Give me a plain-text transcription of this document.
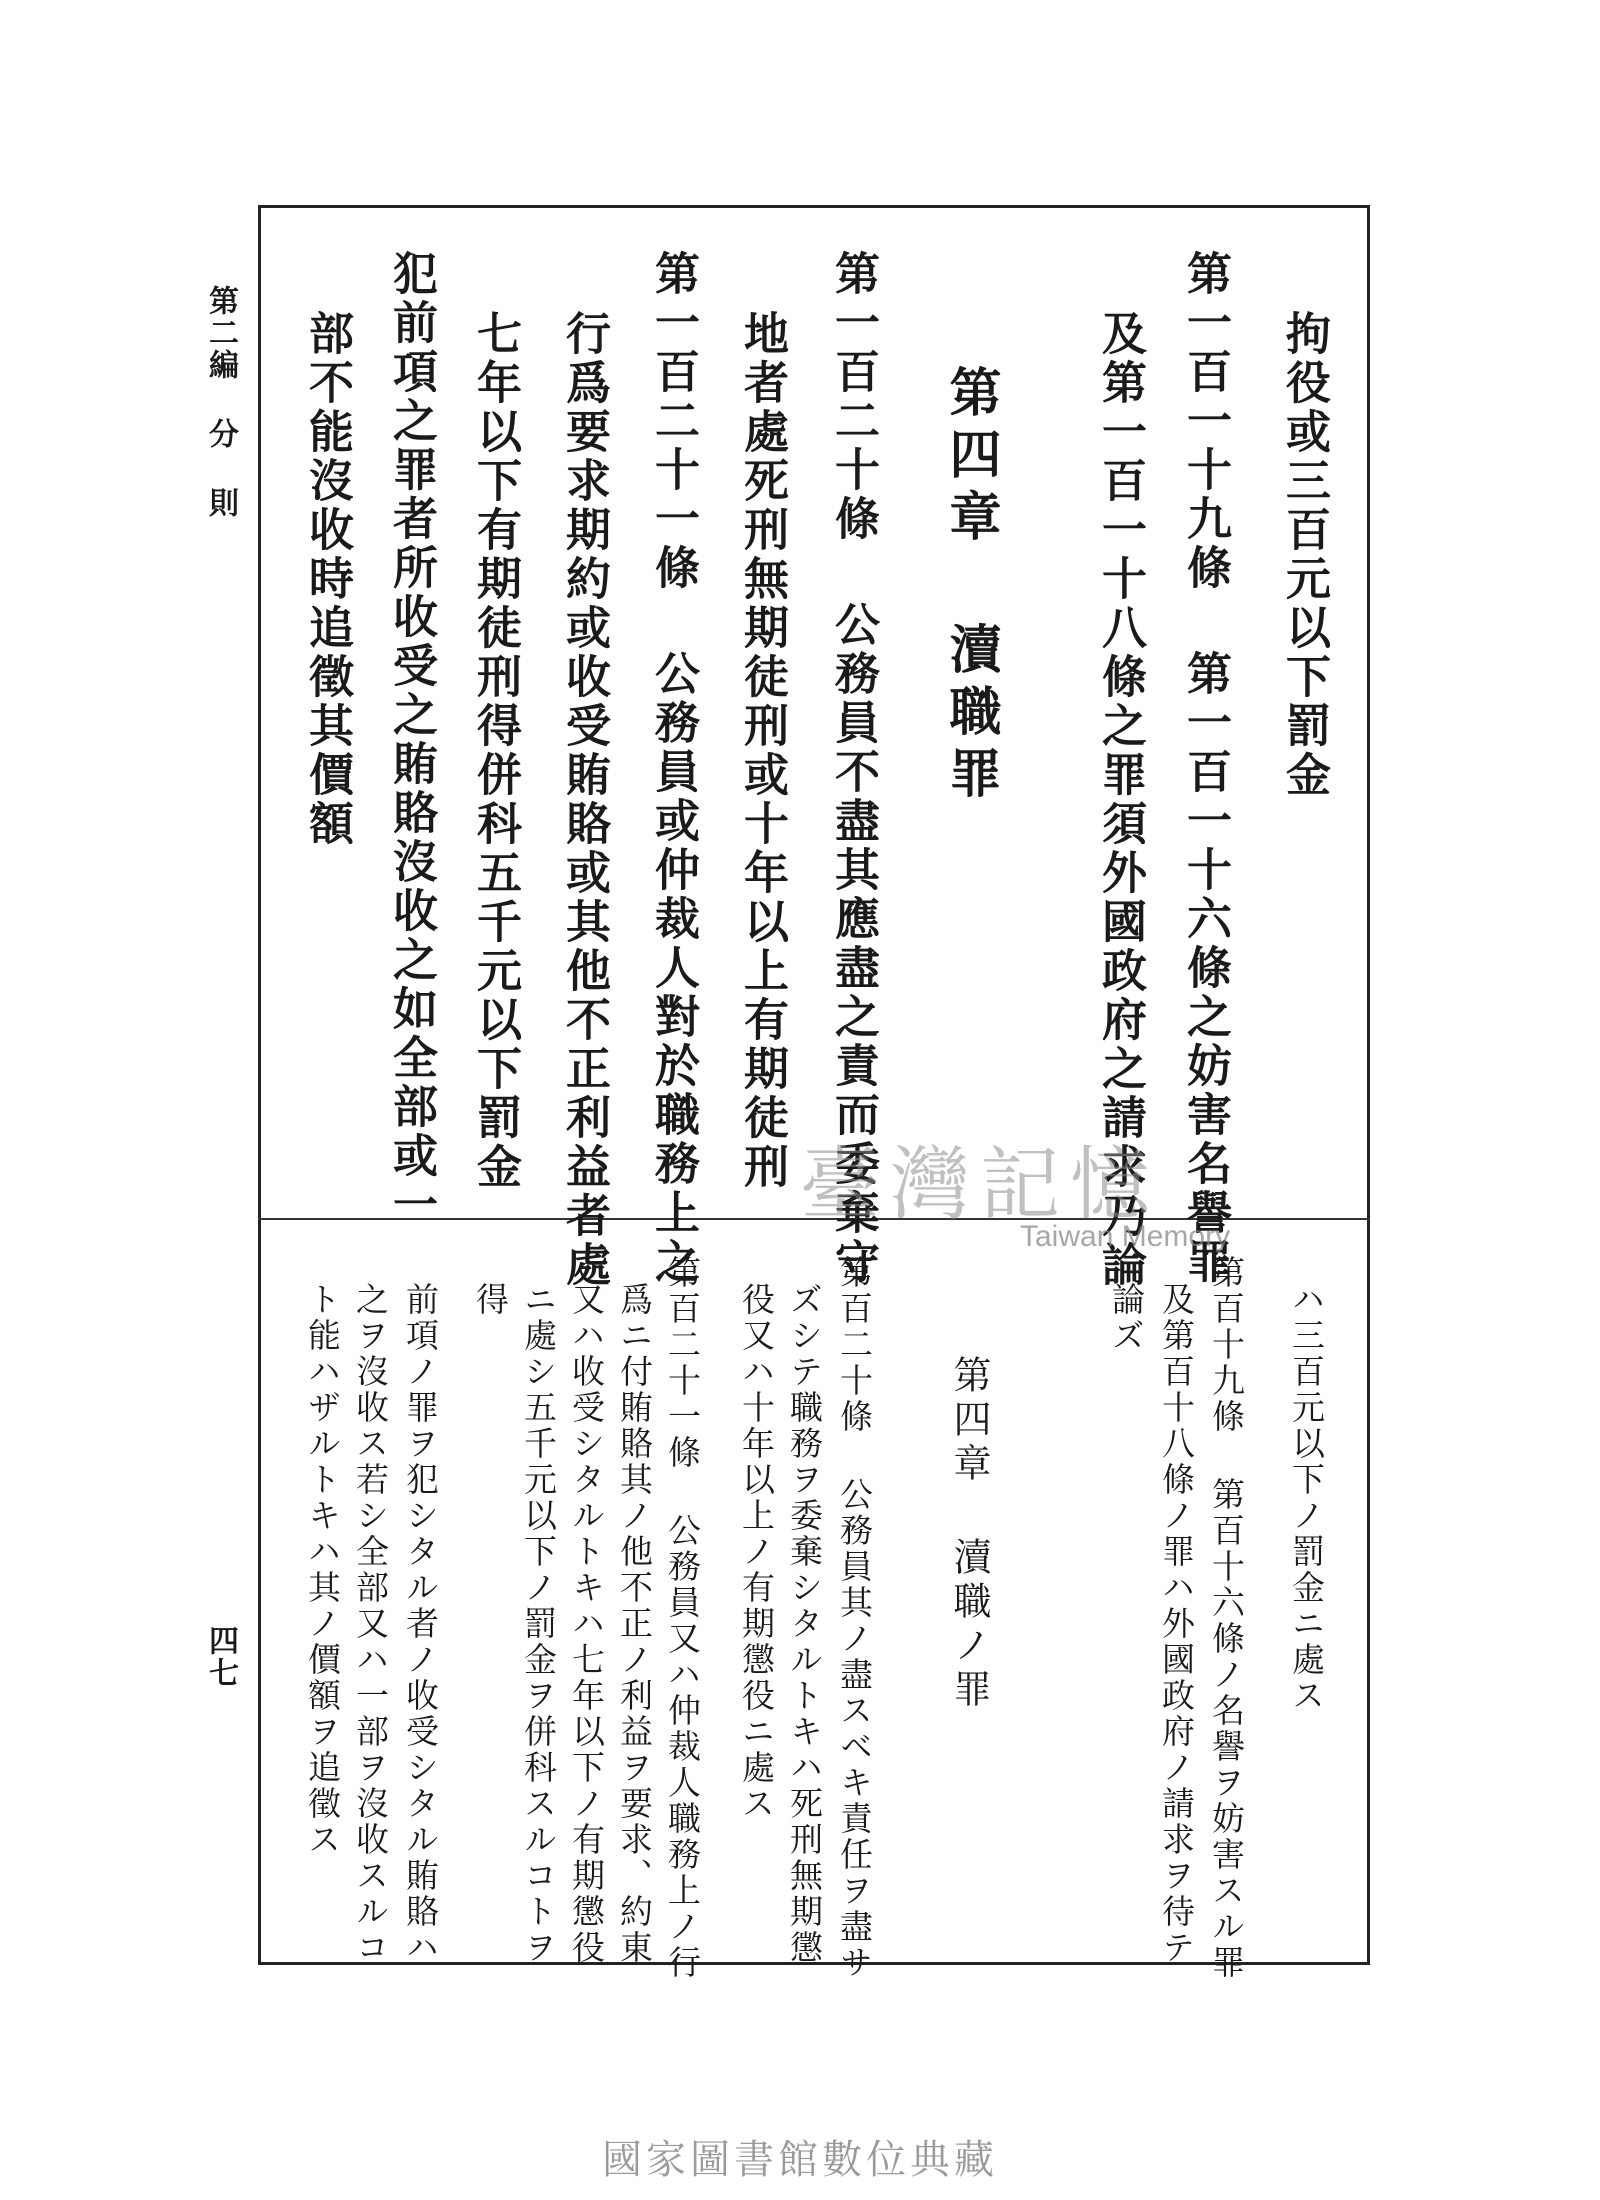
第二編 分 則

四七

拘役或三百元以下罰金

第一百一十九條 第一百一十六條之妨害名譽罪

及第一百一十八條之罪須外國政府之請求乃論

第四章 瀆職罪

第一百二十條 公務員不盡其應盡之責而委棄守

地者處死刑無期徒刑或十年以上有期徒刑

第一百二十一條 公務員或仲裁人對於職務上之

行爲要求期約或收受賄賂或其他不正利益者處

七年以下有期徒刑得併科五千元以下罰金

犯前項之罪者所收受之賄賂沒收之如全部或一

部不能沒收時追徵其價額

ハ三百元以下ノ罰金ニ處ス

第百十九條 第百十六條ノ名譽ヲ妨害スル罪

及第百十八條ノ罪ハ外國政府ノ請求ヲ待テ

論ズ

第四章 瀆職ノ罪

第百二十條 公務員其ノ盡スベキ責任ヲ盡サ

ズシテ職務ヲ委棄シタルトキハ死刑無期懲

役又ハ十年以上ノ有期懲役ニ處ス

第百二十一條 公務員又ハ仲裁人職務上ノ行

爲ニ付賄賂其ノ他不正ノ利益ヲ要求、約東

又ハ收受シタルトキハ七年以下ノ有期懲役

ニ處シ五千元以下ノ罰金ヲ併科スルコトヲ

得

前項ノ罪ヲ犯シタル者ノ收受シタル賄賂ハ

之ヲ沒收ス若シ全部又ハ一部ヲ沒收スルコ

ト能ハザルトキハ其ノ價額ヲ追徵ス

臺灣記憶
Taiwan Memory
國家圖書館數位典藏
